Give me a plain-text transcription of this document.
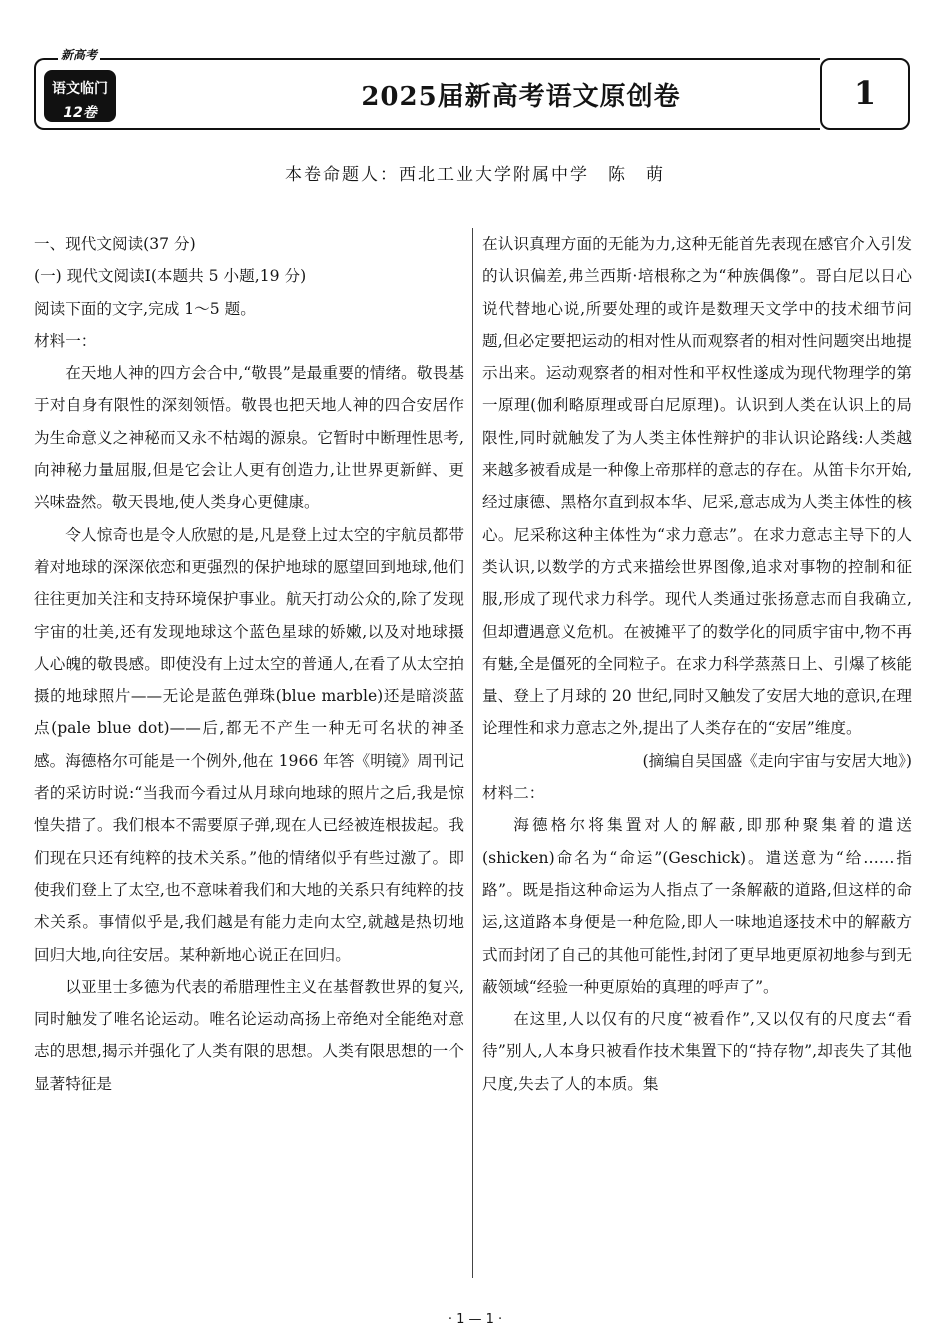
新高考
语文临门
12卷
2025届新高考语文原创卷	1
本卷命题人：西北工业大学附属中学　陈　萌

一、现代文阅读(37 分)

(一) 现代文阅读Ⅰ(本题共 5 小题,19 分)

阅读下面的文字,完成 1～5 题。

材料一：

在天地人神的四方会合中,“敬畏”是最重要的情绪。敬畏基于对自身有限性的深刻领悟。敬畏也把天地人神的四合安居作为生命意义之神秘而又永不枯竭的源泉。它暂时中断理性思考,向神秘力量屈服,但是它会让人更有创造力,让世界更新鲜、更兴味盎然。敬天畏地,使人类身心更健康。

令人惊奇也是令人欣慰的是,凡是登上过太空的宇航员都带着对地球的深深依恋和更强烈的保护地球的愿望回到地球,他们往往更加关注和支持环境保护事业。航天打动公众的,除了发现宇宙的壮美,还有发现地球这个蓝色星球的娇嫩,以及对地球摄人心魄的敬畏感。即使没有上过太空的普通人,在看了从太空拍摄的地球照片——无论是蓝色弹珠(blue marble)还是暗淡蓝点(pale blue dot)——后,都无不产生一种无可名状的神圣感。海德格尔可能是一个例外,他在 1966 年答《明镜》周刊记者的采访时说:“当我而今看过从月球向地球的照片之后,我是惊惶失措了。我们根本不需要原子弹,现在人已经被连根拔起。我们现在只还有纯粹的技术关系。”他的情绪似乎有些过激了。即使我们登上了太空,也不意味着我们和大地的关系只有纯粹的技术关系。事情似乎是,我们越是有能力走向太空,就越是热切地回归大地,向往安居。某种新地心说正在回归。

以亚里士多德为代表的希腊理性主义在基督教世界的复兴,同时触发了唯名论运动。唯名论运动高扬上帝绝对全能绝对意志的思想,揭示并强化了人类有限的思想。人类有限思想的一个显著特征是

在认识真理方面的无能为力,这种无能首先表现在感官介入引发的认识偏差,弗兰西斯·培根称之为“种族偶像”。哥白尼以日心说代替地心说,所要处理的或许是数理天文学中的技术细节问题,但必定要把运动的相对性从而观察者的相对性问题突出地提示出来。运动观察者的相对性和平权性遂成为现代物理学的第一原理(伽利略原理或哥白尼原理)。认识到人类在认识上的局限性,同时就触发了为人类主体性辩护的非认识论路线:人类越来越多被看成是一种像上帝那样的意志的存在。从笛卡尔开始,经过康德、黑格尔直到叔本华、尼采,意志成为人类主体性的核心。尼采称这种主体性为“求力意志”。在求力意志主导下的人类认识,以数学的方式来描绘世界图像,追求对事物的控制和征服,形成了现代求力科学。现代人类通过张扬意志而自我确立,但却遭遇意义危机。在被摊平了的数学化的同质宇宙中,物不再有魅,全是僵死的全同粒子。在求力科学蒸蒸日上、引爆了核能量、登上了月球的 20 世纪,同时又触发了安居大地的意识,在理论理性和求力意志之外,提出了人类存在的“安居”维度。

(摘编自吴国盛《走向宇宙与安居大地》)

材料二：

海德格尔将集置对人的解蔽,即那种聚集着的遣送(shicken)命名为“命运”(Geschick)。遣送意为“给……指路”。既是指这种命运为人指点了一条解蔽的道路,但这样的命运,这道路本身便是一种危险,即人一味地追逐技术中的解蔽方式而封闭了自己的其他可能性,封闭了更早地更原初地参与到无蔽领域“经验一种更原始的真理的呼声了”。

在这里,人以仅有的尺度“被看作”,又以仅有的尺度去“看待”别人,人本身只被看作技术集置下的“持存物”,却丧失了其他尺度,失去了人的本质。集

· 1 — 1 ·
